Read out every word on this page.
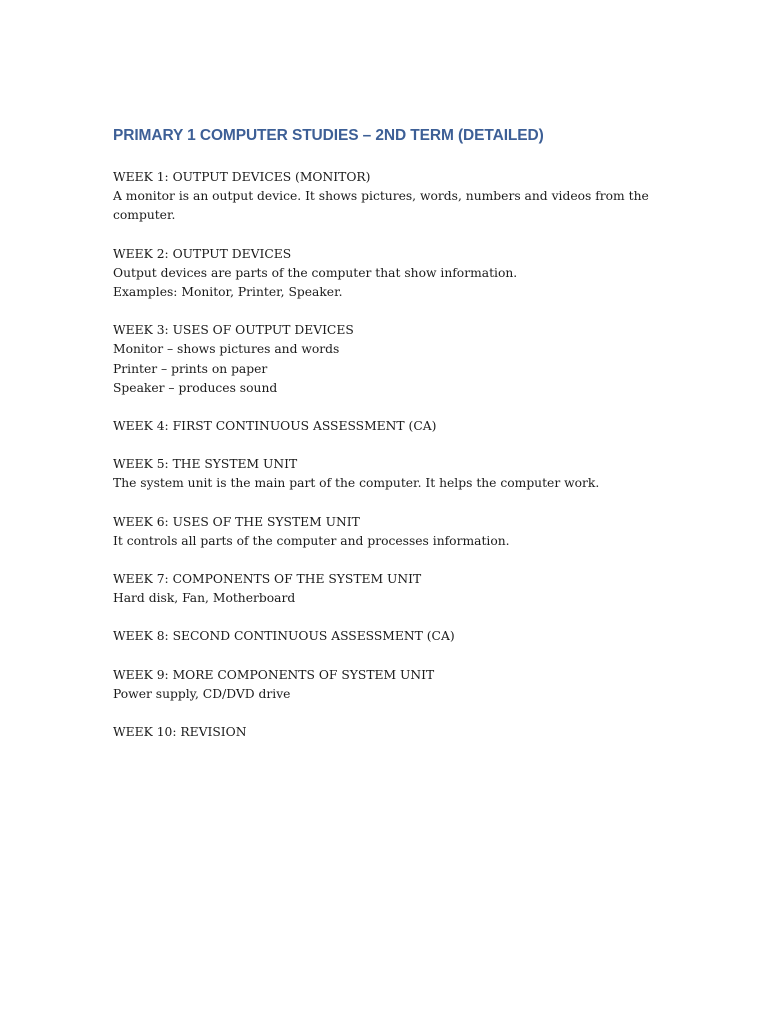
PRIMARY 1 COMPUTER STUDIES – 2ND TERM (DETAILED)

WEEK 1: OUTPUT DEVICES (MONITOR)

A monitor is an output device. It shows pictures, words, numbers and videos from the computer.

WEEK 2: OUTPUT DEVICES

Output devices are parts of the computer that show information.

Examples: Monitor, Printer, Speaker.

WEEK 3: USES OF OUTPUT DEVICES

Monitor – shows pictures and words

Printer – prints on paper

Speaker – produces sound

WEEK 4: FIRST CONTINUOUS ASSESSMENT (CA)

WEEK 5: THE SYSTEM UNIT

The system unit is the main part of the computer. It helps the computer work.

WEEK 6: USES OF THE SYSTEM UNIT

It controls all parts of the computer and processes information.

WEEK 7: COMPONENTS OF THE SYSTEM UNIT

Hard disk, Fan, Motherboard

WEEK 8: SECOND CONTINUOUS ASSESSMENT (CA)

WEEK 9: MORE COMPONENTS OF SYSTEM UNIT

Power supply, CD/DVD drive

WEEK 10: REVISION
